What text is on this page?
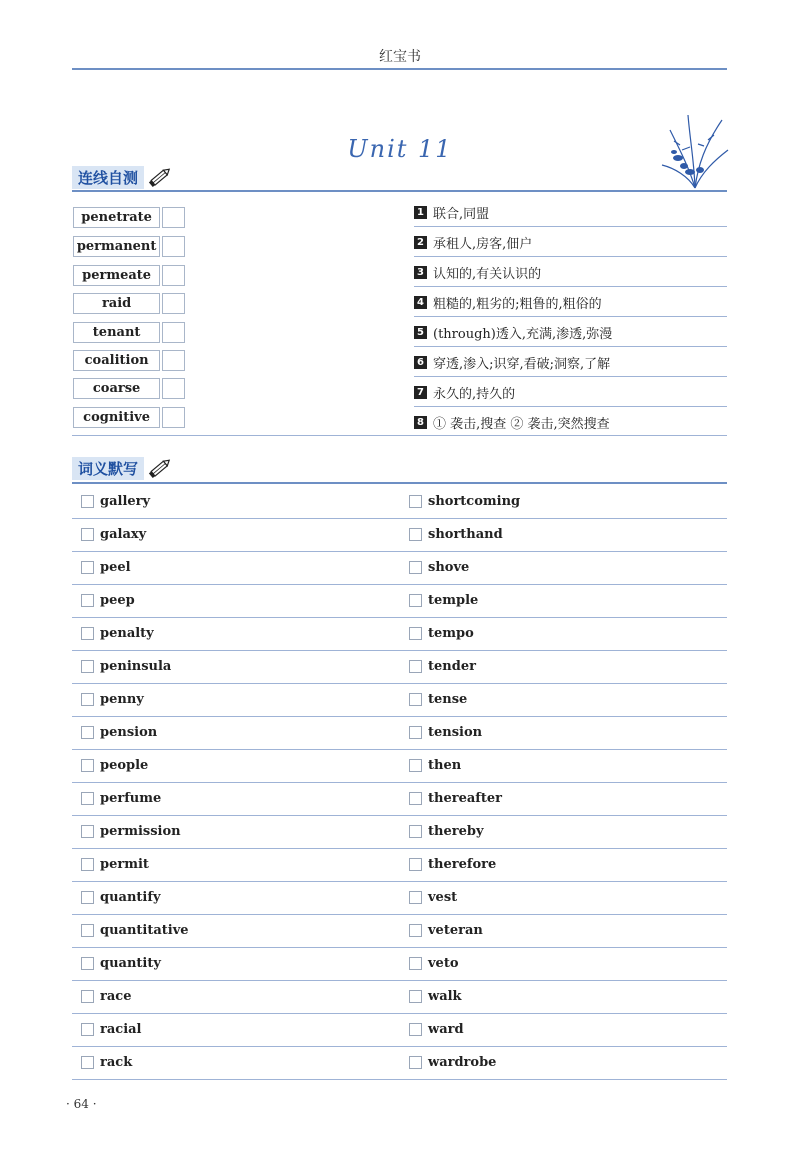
红宝书
Unit 11
连线自测
penetrate
permanent
permeate
raid
tenant
coalition
coarse
cognitive
1 联合,同盟
2 承租人,房客,佃户
3 认知的,有关认识的
4 粗糙的,粗劣的;粗鲁的,粗俗的
5 (through)透入,充满,渗透,弥漫
6 穿透,渗入;识穿,看破;洞察,了解
7 永久的,持久的
8 ① 袭击,搜查 ② 袭击,突然搜查
词义默写
gallery	shortcoming
galaxy	shorthand
peel	shove
peep	temple
penalty	tempo
peninsula	tender
penny	tense
pension	tension
people	then
perfume	thereafter
permission	thereby
permit	therefore
quantify	vest
quantitative	veteran
quantity	veto
race	walk
racial	ward
rack	wardrobe
· 64 ·
